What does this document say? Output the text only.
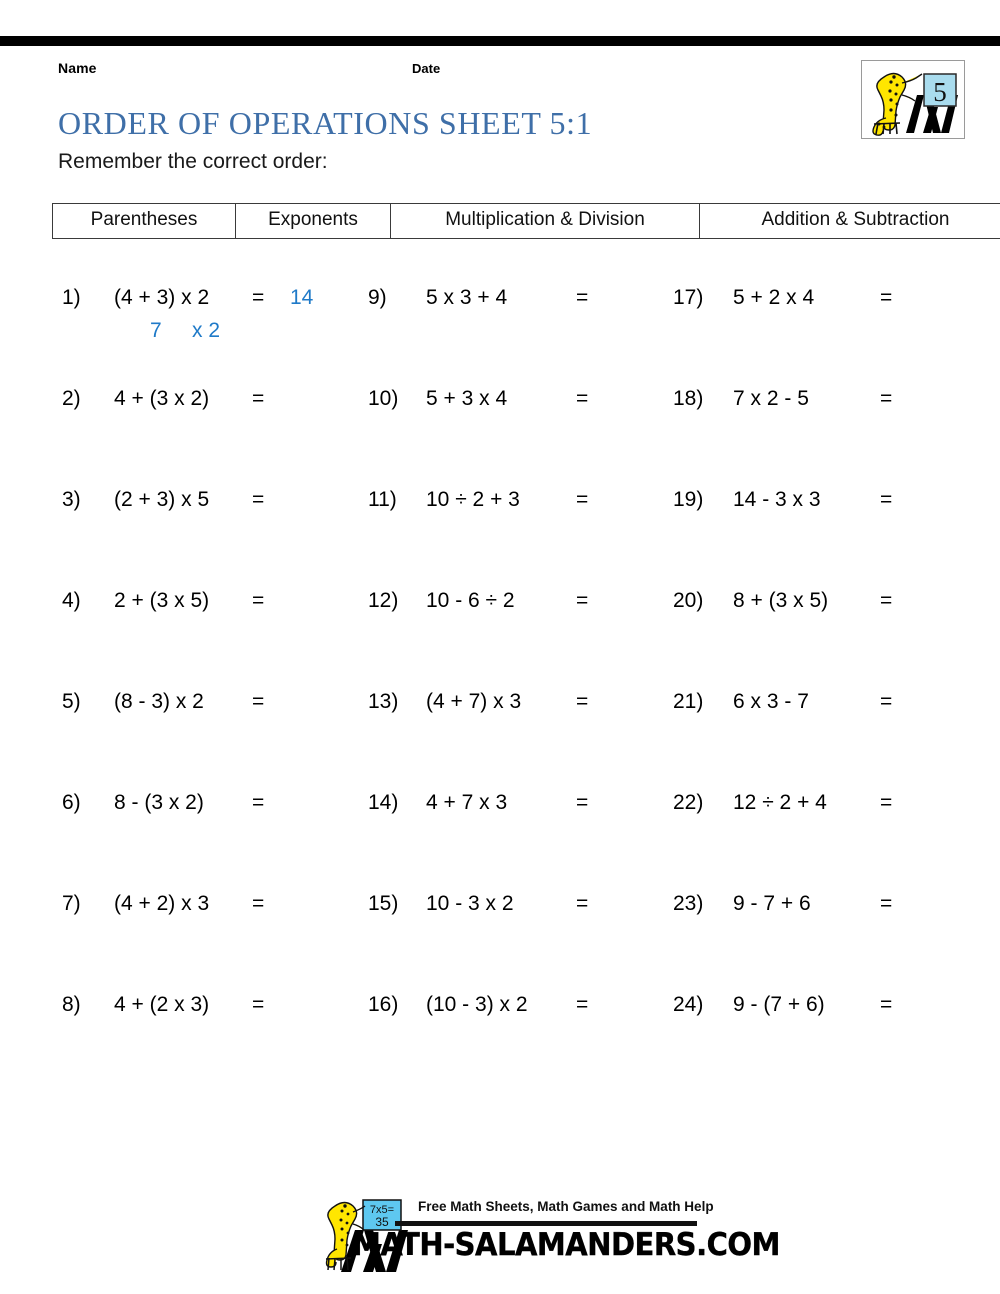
Name	Date
5
ORDER OF OPERATIONS SHEET 5:1
Remember the correct order:
Parentheses	Exponents	Multiplication & Division	Addition & Subtraction
1) (4 + 3) x 2 = 14
7 x 2
2) 4 + (3 x 2) =
3) (2 + 3) x 5 =
4) 2 + (3 x 5) =
5) (8 - 3) x 2 =
6) 8 - (3 x 2) =
7) (4 + 2) x 3 =
8) 4 + (2 x 3) =
9) 5 x 3 + 4	=
10) 5 + 3 x 4	=
11) 10 ÷ 2 + 3	=
12) 10 - 6 ÷ 2	=
13) (4 + 7) x 3	=
14) 4 + 7 x 3	=
15) 10 - 3 x 2	=
16) (10 - 3) x 2 =
17) 5 + 2 x 4	=
18) 7 x 2 - 5	=
19) 14 - 3 x 3	=
20) 8 + (3 x 5) =
21) 6 x 3 - 7	=
22) 12 ÷ 2 + 4	=
23) 9 - 7 + 6	=
24) 9 - (7 + 6)	=
7x5=
35
Free Math Sheets, Math Games and Math Help
MATH-SALAMANDERS.COM
